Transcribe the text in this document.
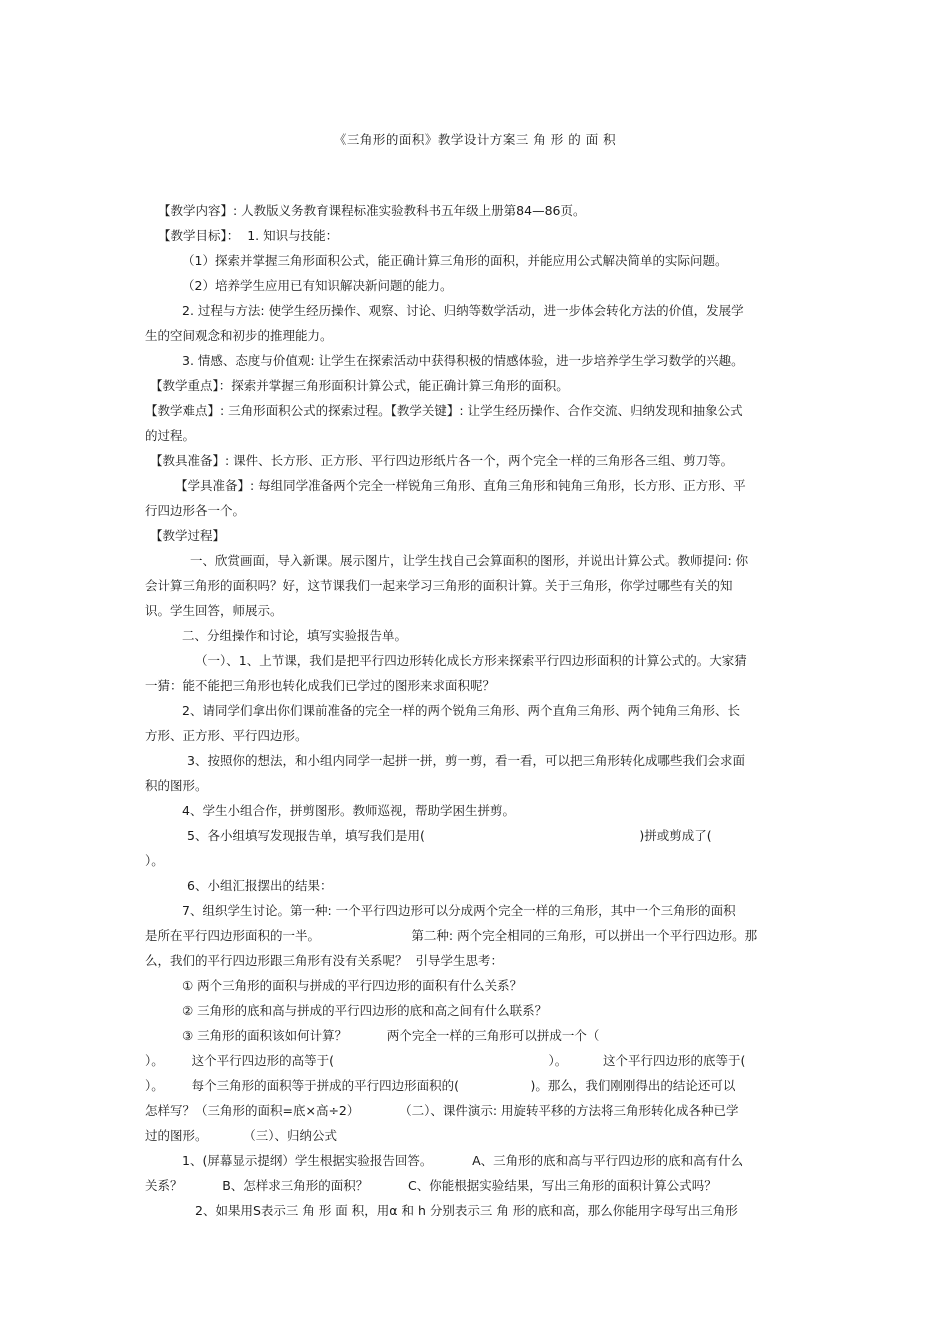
《三角形的面积》教学设计方案三 角 形 的 面 积
【教学内容】: 人教版义务教育课程标准实验教科书五年级上册第84—86页。
【教学目标】：  1. 知识与技能：
（1）探索并掌握三角形面积公式，能正确计算三角形的面积，并能应用公式解决简单的实际问题。
（2）培养学生应用已有知识解决新问题的能力。
2. 过程与方法: 使学生经历操作、观察、讨论、归纳等数学活动，进一步体会转化方法的价值，发展学
生的空间观念和初步的推理能力。
3. 情感、态度与价值观: 让学生在探索活动中获得积极的情感体验，进一步培养学生学习数学的兴趣。
【教学重点】：探索并掌握三角形面积计算公式，能正确计算三角形的面积。
【教学难点】: 三角形面积公式的探索过程。【教学关键】: 让学生经历操作、合作交流、归纳发现和抽象公式
的过程。
【教具准备】: 课件、长方形、正方形、平行四边形纸片各一个，两个完全一样的三角形各三组、剪刀等。
【学具准备】: 每组同学准备两个完全一样锐角三角形、直角三角形和钝角三角形，长方形、正方形、平
行四边形各一个。
【教学过程】
一、欣赏画面，导入新课。展示图片，让学生找自己会算面积的图形，并说出计算公式。教师提问: 你
会计算三角形的面积吗？好，这节课我们一起来学习三角形的面积计算。关于三角形，你学过哪些有关的知
识。学生回答，师展示。
二、分组操作和讨论，填写实验报告单。
（一）、1、上节课，我们是把平行四边形转化成长方形来探索平行四边形面积的计算公式的。大家猜
一猜：能不能把三角形也转化成我们已学过的图形来求面积呢？
2、请同学们拿出你们课前准备的完全一样的两个锐角三角形、两个直角三角形、两个钝角三角形、长
方形、正方形、平行四边形。
3、按照你的想法，和小组内同学一起拼一拼，剪一剪，看一看，可以把三角形转化成哪些我们会求面
积的图形。
4、学生小组合作，拼剪图形。教师巡视，帮助学困生拼剪。
5、各小组填写发现报告单，填写我们是用(                                                      )拼或剪成了(
）。
6、小组汇报摆出的结果：
7、组织学生讨论。第一种: 一个平行四边形可以分成两个完全一样的三角形，其中一个三角形的面积
是所在平行四边形面积的一半。                       第二种: 两个完全相同的三角形，可以拼出一个平行四边形。那
么，我们的平行四边形跟三角形有没有关系呢？  引导学生思考：
① 两个三角形的面积与拼成的平行四边形的面积有什么关系？
② 三角形的底和高与拼成的平行四边形的底和高之间有什么联系？
③ 三角形的面积该如何计算？          两个完全一样的三角形可以拼成一个（
）。       这个平行四边形的高等于(                                                      ）。         这个平行四边形的底等于(
）。       每个三角形的面积等于拼成的平行四边形面积的(                  )。那么，我们刚刚得出的结论还可以
怎样写？（三角形的面积=底×高÷2）          （二）、课件演示: 用旋转平移的方法将三角形转化成各种已学
过的图形。         （三）、归纳公式
1、(屏幕显示提纲）学生根据实验报告回答。          A、三角形的底和高与平行四边形的底和高有什么
关系？          B、怎样求三角形的面积？          C、你能根据实验结果，写出三角形的面积计算公式吗？
2、如果用S表示三 角 形 面 积，用α 和 h 分别表示三 角 形的底和高，那么你能用字母写出三角形
